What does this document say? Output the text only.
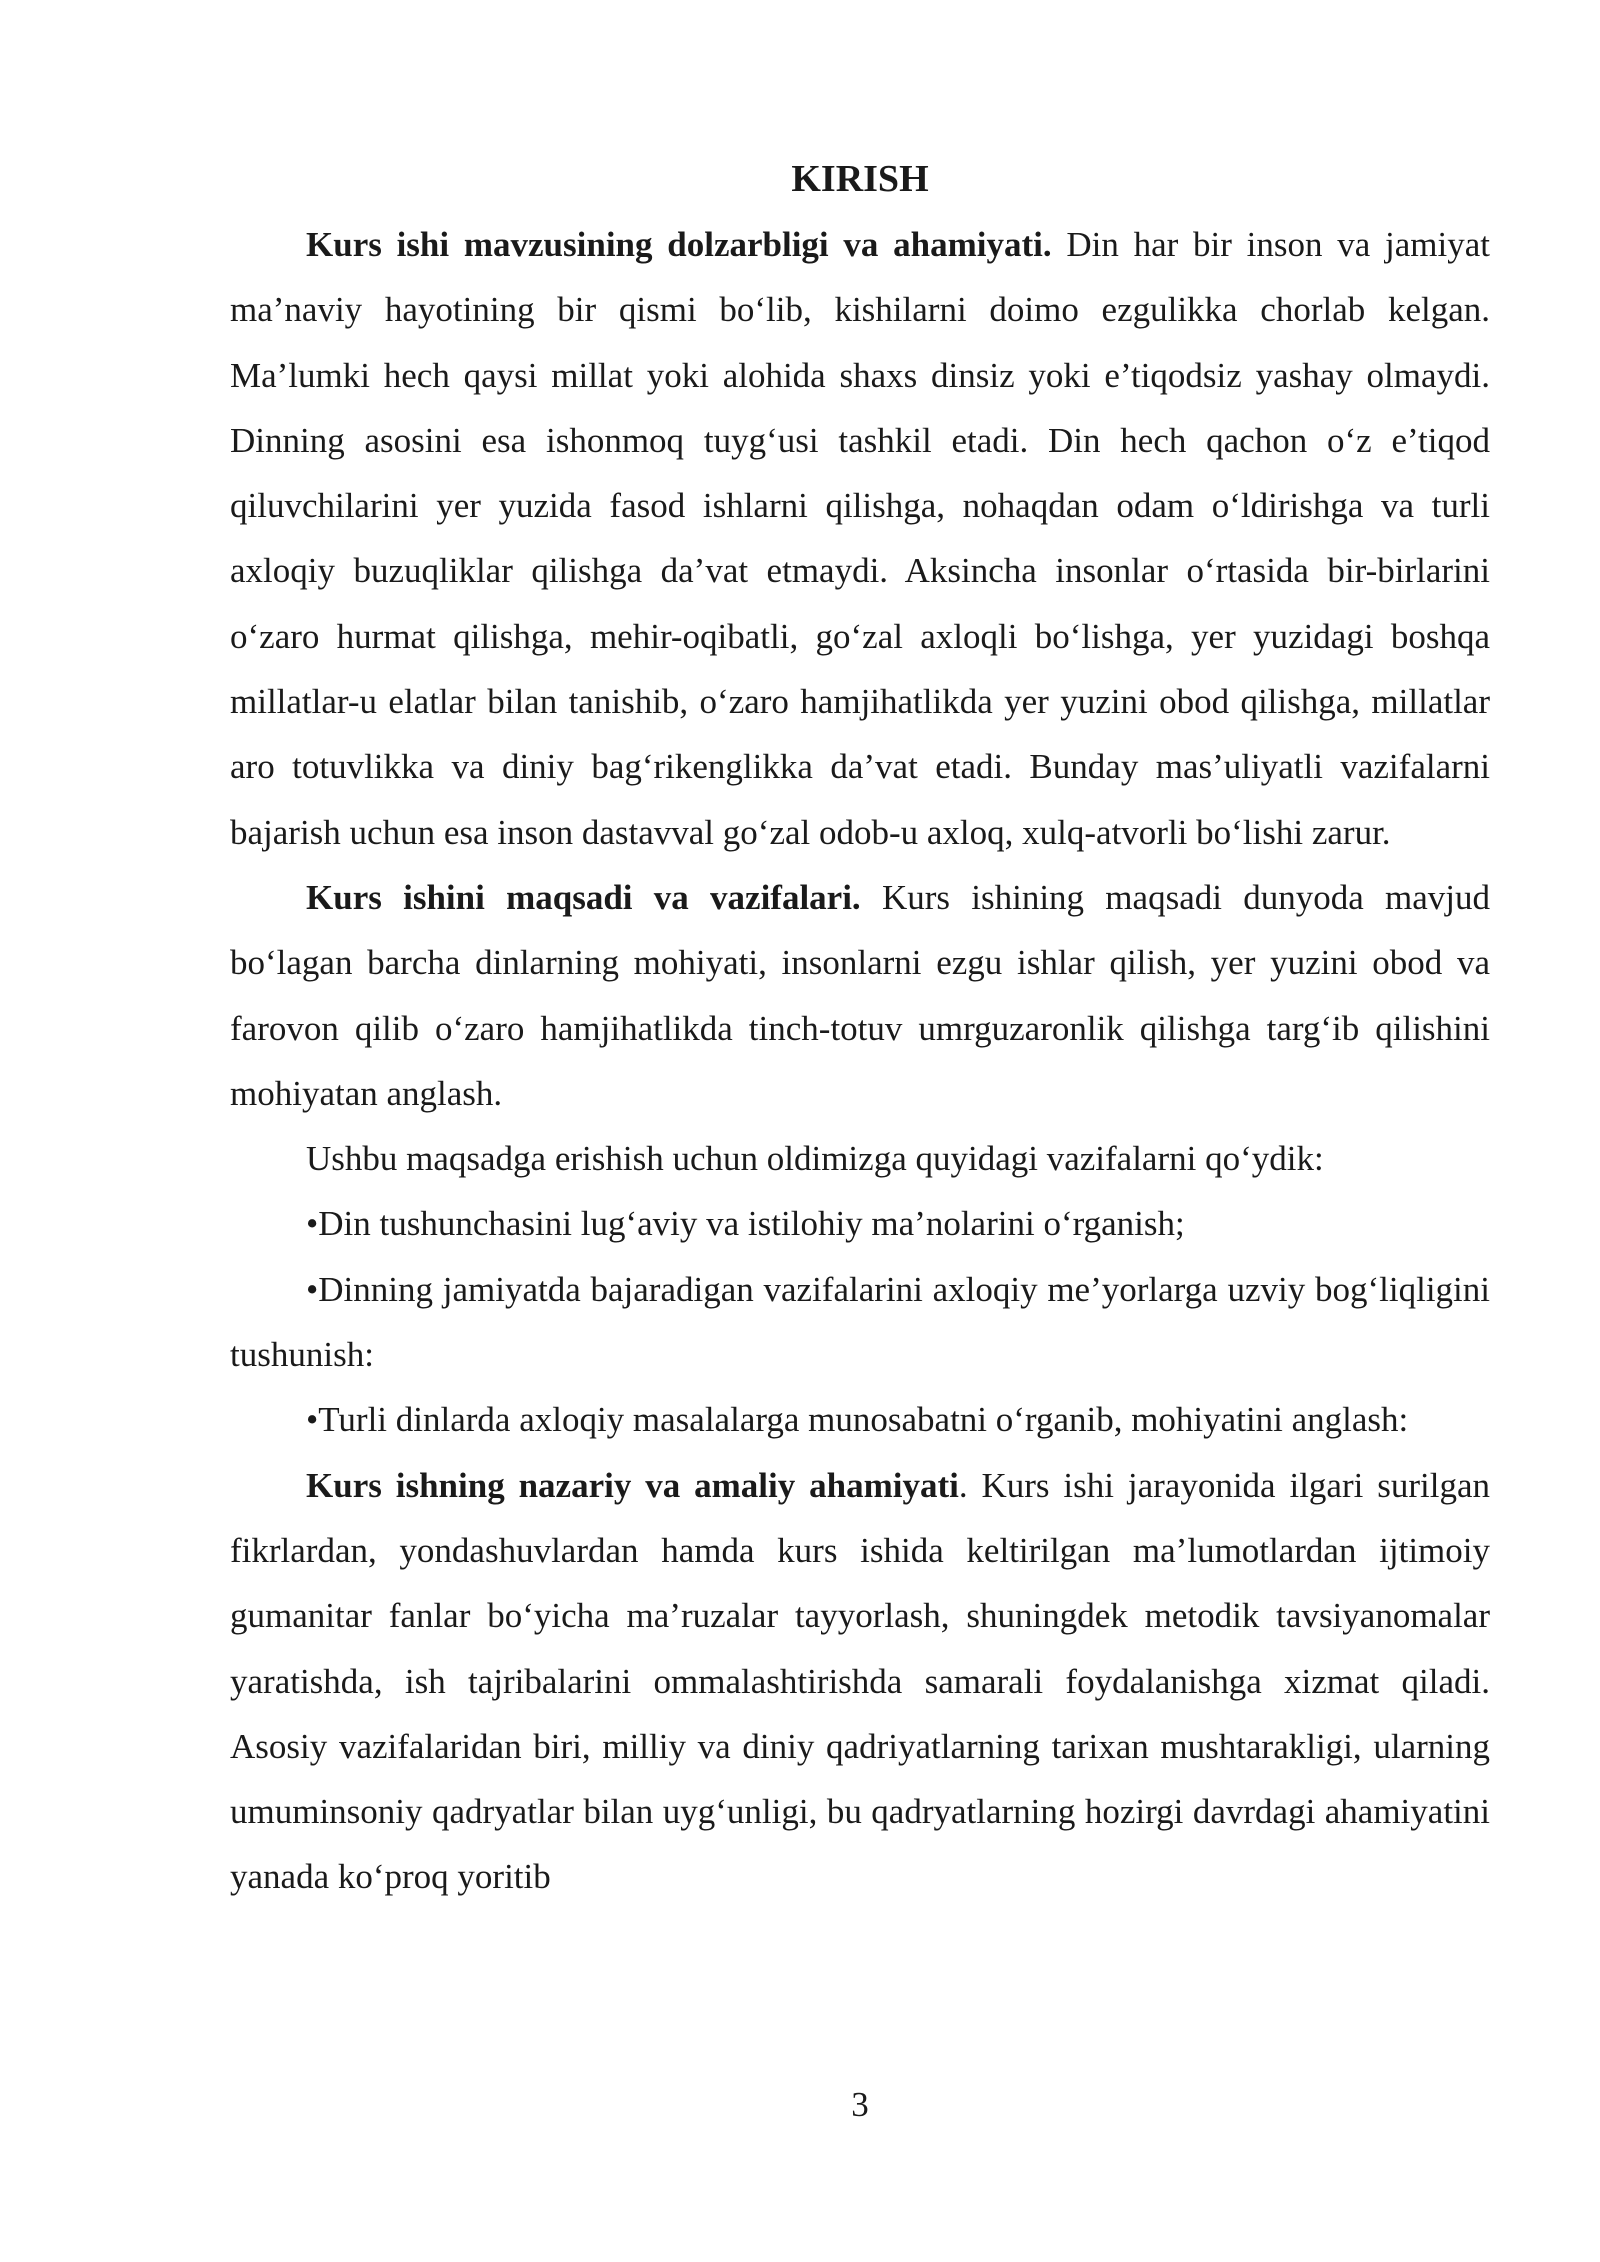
KIRISH

Kurs ishi mavzusining dolzarbligi va ahamiyati. Din har bir inson va jamiyat ma’naviy hayotining bir qismi bo‘lib, kishilarni doimo ezgulikka chorlab kelgan. Ma’lumki hech qaysi millat yoki alohida shaxs dinsiz yoki e’tiqodsiz yashay olmaydi. Dinning asosini esa ishonmoq tuyg‘usi tashkil etadi. Din hech qachon o‘z e’tiqod qiluvchilarini yer yuzida fasod ishlarni qilishga, nohaqdan odam o‘ldirishga va turli axloqiy buzuqliklar qilishga da’vat etmaydi. Aksincha insonlar o‘rtasida bir-birlarini o‘zaro hurmat qilishga, mehir-oqibatli, go‘zal axloqli bo‘lishga, yer yuzidagi boshqa millatlar-u elatlar bilan tanishib, o‘zaro hamjihatlikda yer yuzini obod qilishga, millatlar aro totuvlikka va diniy bag‘rikenglikka da’vat etadi. Bunday mas’uliyatli vazifalarni bajarish uchun esa inson dastavval go‘zal odob-u axloq, xulq-atvorli bo‘lishi zarur.

Kurs ishini maqsadi va vazifalari. Kurs ishining maqsadi dunyoda mavjud bo‘lagan barcha dinlarning mohiyati, insonlarni ezgu ishlar qilish, yer yuzini obod va farovon qilib o‘zaro hamjihatlikda tinch-totuv umrguzaronlik qilishga targ‘ib qilishini mohiyatan anglash.

Ushbu maqsadga erishish uchun oldimizga quyidagi vazifalarni qo‘ydik:

•Din tushunchasini lug‘aviy va istilohiy ma’nolarini o‘rganish;

•Dinning jamiyatda bajaradigan vazifalarini axloqiy me’yorlarga uzviy bog‘liqligini tushunish:

•Turli dinlarda axloqiy masalalarga munosabatni o‘rganib, mohiyatini anglash:

Kurs ishning nazariy va amaliy ahamiyati. Kurs ishi jarayonida ilgari surilgan fikrlardan, yondashuvlardan hamda kurs ishida keltirilgan ma’lumotlardan ijtimoiy gumanitar fanlar bo‘yicha ma’ruzalar tayyorlash, shuningdek metodik tavsiyanomalar yaratishda, ish tajribalarini ommalashtirishda samarali foydalanishga xizmat qiladi. Asosiy vazifalaridan biri, milliy va diniy qadriyatlarning tarixan mushtarakligi, ularning umuminsoniy qadryatlar bilan uyg‘unligi, bu qadryatlarning hozirgi davrdagi ahamiyatini yanada ko‘proq yoritib

3
